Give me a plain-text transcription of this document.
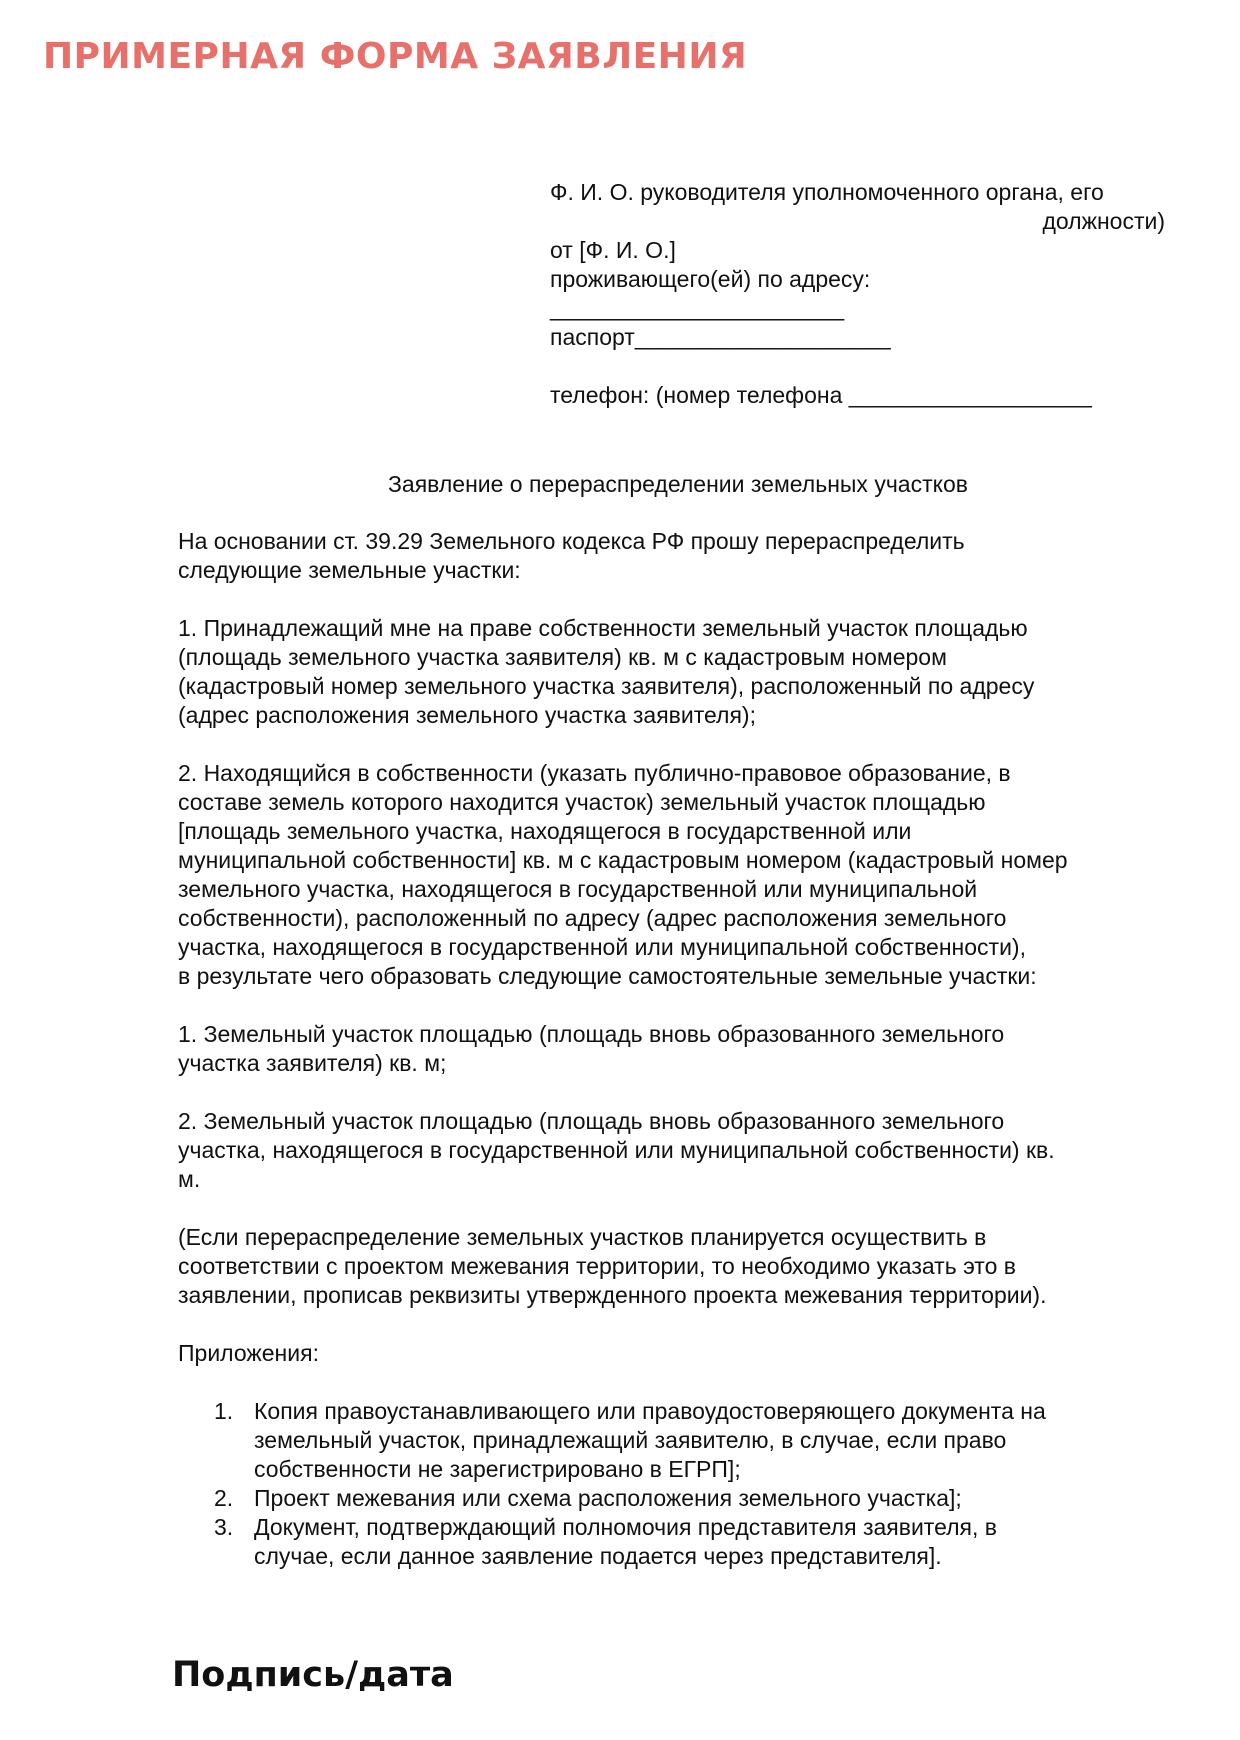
ПРИМЕРНАЯ ФОРМА ЗАЯВЛЕНИЯ
Ф. И. О. руководителя уполномоченного органа, его
должности)
от [Ф. И. О.]
проживающего(ей) по адресу:
_______________________
паспорт____________________
телефон: (номер телефона ___________________
Заявление о перераспределении земельных участков

На основании ст. 39.29 Земельного кодекса РФ прошу перераспределить
следующие земельные участки:

1. Принадлежащий мне на праве собственности земельный участок площадью
(площадь земельного участка заявителя) кв. м с кадастровым номером
(кадастровый номер земельного участка заявителя), расположенный по адресу
(адрес расположения земельного участка заявителя);

2. Находящийся в собственности (указать публично-правовое образование, в
составе земель которого находится участок) земельный участок площадью
[площадь земельного участка, находящегося в государственной или
муниципальной собственности] кв. м с кадастровым номером (кадастровый номер
земельного участка, находящегося в государственной или муниципальной
собственности), расположенный по адресу (адрес расположения земельного
участка, находящегося в государственной или муниципальной собственности),
в результате чего образовать следующие самостоятельные земельные участки:

1. Земельный участок площадью (площадь вновь образованного земельного
участка заявителя) кв. м;

2. Земельный участок площадью (площадь вновь образованного земельного
участка, находящегося в государственной или муниципальной собственности) кв.
м.

(Если перераспределение земельных участков планируется осуществить в
соответствии с проектом межевания территории, то необходимо указать это в
заявлении, прописав реквизиты утвержденного проекта межевания территории).

Приложения:

1. Копия правоустанавливающего или правоудостоверяющего документа на
земельный участок, принадлежащий заявителю, в случае, если право
собственности не зарегистрировано в ЕГРП];
2. Проект межевания или схема расположения земельного участка];
3. Документ, подтверждающий полномочия представителя заявителя, в
случае, если данное заявление подается через представителя].
Подпись/дата
